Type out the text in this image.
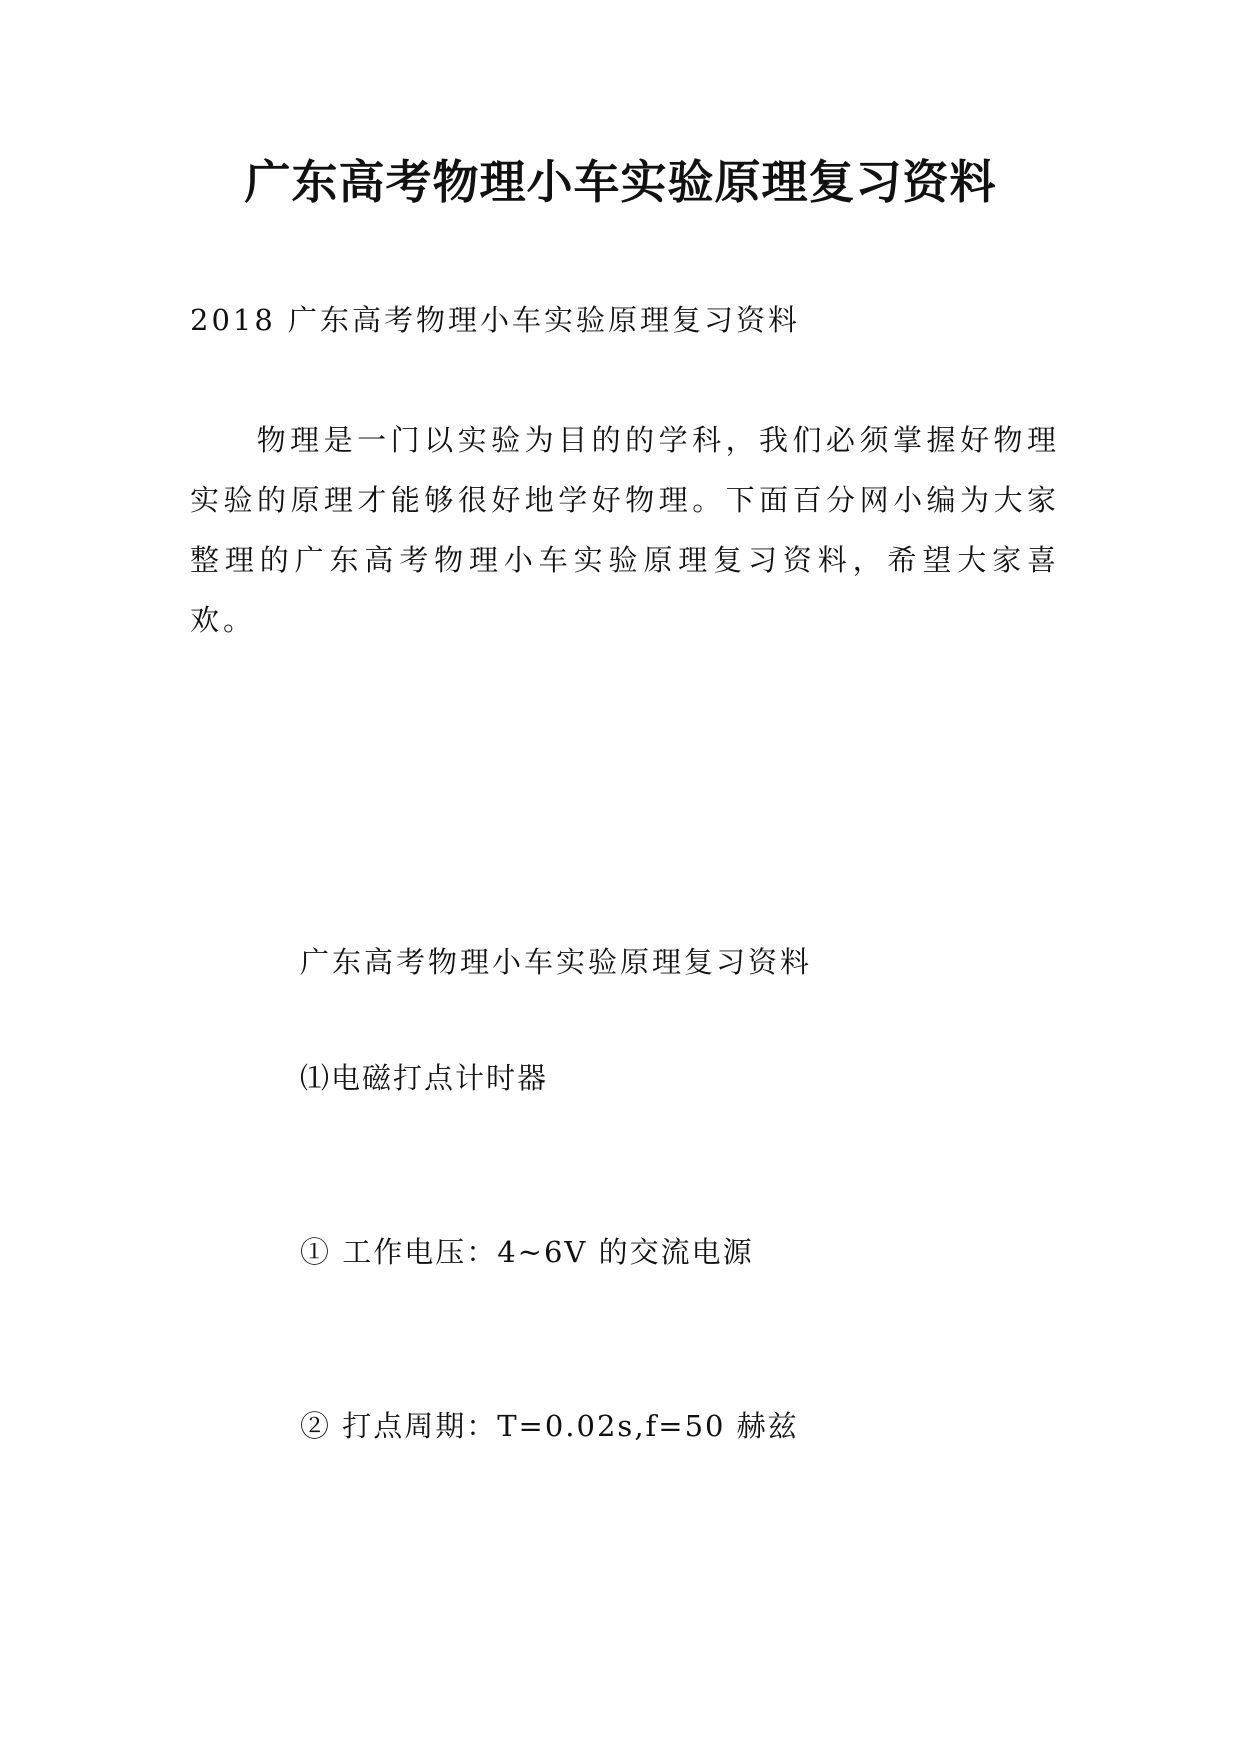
广东高考物理小车实验原理复习资料

2018 广东高考物理小车实验原理复习资料

物理是一门以实验为目的的学科，我们必须掌握好物理实验的原理才能够很好地学好物理。下面百分网小编为大家整理的广东高考物理小车实验原理复习资料，希望大家喜欢。

广东高考物理小车实验原理复习资料

⑴电磁打点计时器

① 工作电压：4~6V 的交流电源

② 打点周期：T=0.02s,f=50 赫兹
